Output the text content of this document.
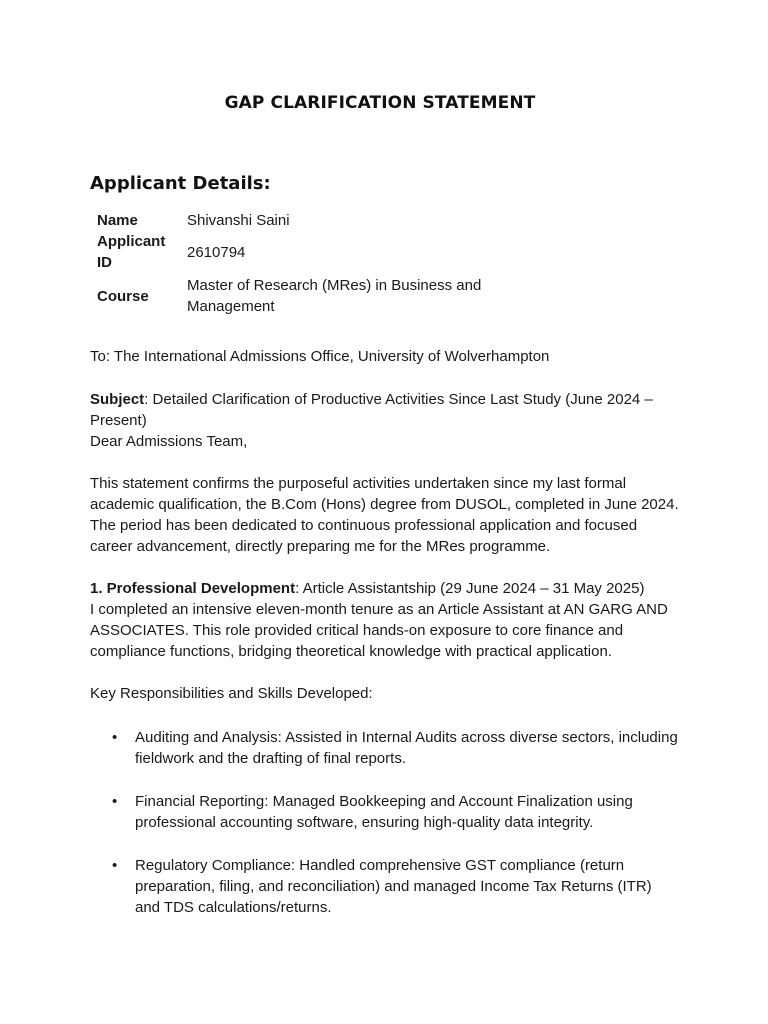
GAP CLARIFICATION STATEMENT
Applicant Details:
Name	Shivanshi Saini
Applicant
ID	2610794
Course	Master of Research (MRes) in Business and Management

To: The International Admissions Office, University of Wolverhampton

Subject: Detailed Clarification of Productive Activities Since Last Study (June 2024 – Present)

Dear Admissions Team,

This statement confirms the purposeful activities undertaken since my last formal academic qualification, the B.Com (Hons) degree from DUSOL, completed in June 2024. The period has been dedicated to continuous professional application and focused career advancement, directly preparing me for the MRes programme.

1. Professional Development: Article Assistantship (29 June 2024 – 31 May 2025)

I completed an intensive eleven-month tenure as an Article Assistant at AN GARG AND ASSOCIATES. This role provided critical hands-on exposure to core finance and compliance functions, bridging theoretical knowledge with practical application.

Key Responsibilities and Skills Developed:

• Auditing and Analysis: Assisted in Internal Audits across diverse sectors, including fieldwork and the drafting of final reports.
• Financial Reporting: Managed Bookkeeping and Account Finalization using professional accounting software, ensuring high-quality data integrity.
• Regulatory Compliance: Handled comprehensive GST compliance (return preparation, filing, and reconciliation) and managed Income Tax Returns (ITR) and TDS calculations/returns.
